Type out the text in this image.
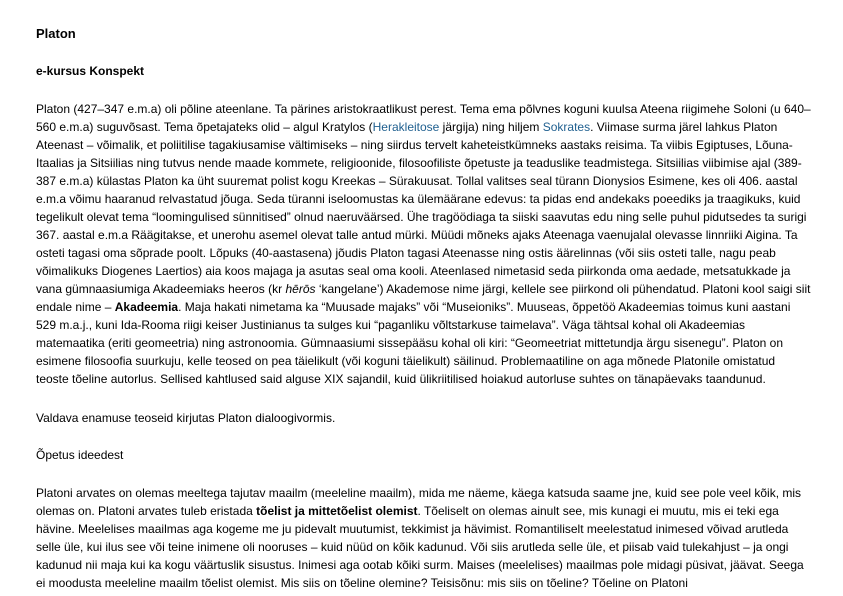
Platon
e-kursus Konspekt

Platon (427–347 e.m.a) oli põline ateenlane. Ta pärines aristokraatlikust perest. Tema ema põlvnes koguni kuulsa Ateena riigimehe Soloni (u 640–560 e.m.a) suguvõsast. Tema õpetajateks olid – algul Kratylos (Herakleitose järgija) ning hiljem Sokrates. Viimase surma järel lahkus Platon Ateenast – võimalik, et poliitilise tagakiusamise vältimiseks – ning siirdus tervelt kaheteistkümneks aastaks reisima. Ta viibis Egiptuses, Lõuna-Itaalias ja Sitsiilias ning tutvus nende maade kommete, religioonide, filosoofiliste õpetuste ja teaduslike teadmistega. Sitsiilias viibimise ajal (389-387 e.m.a) külastas Platon ka üht suuremat polist kogu Kreekas – Sürakuusat. Tollal valitses seal türann Dionysios Esimene, kes oli 406. aastal e.m.a võimu haaranud relvastatud jõuga. Seda türanni iseloomustas ka ülemäärane edevus: ta pidas end andekaks poeediks ja traagikuks, kuid tegelikult olevat tema “loomingulised sünnitised” olnud naeruväärsed. Ühe tragöödiaga ta siiski saavutas edu ning selle puhul pidutsedes ta surigi 367. aastal e.m.a Räägitakse, et unerohu asemel olevat talle antud mürki. Müüdi mõneks ajaks Ateenaga vaenujalal olevasse linnriiki Aigina. Ta osteti tagasi oma sõprade poolt. Lõpuks (40-aastasena) jõudis Platon tagasi Ateenasse ning ostis äärelinnas (või siis osteti talle, nagu peab võimalikuks Diogenes Laertios) aia koos majaga ja asutas seal oma kooli. Ateenlased nimetasid seda piirkonda oma aedade, metsatukkade ja vana gümnaasiumiga Akadeemiaks heeros (kr hērōs ‘kangelane’) Akademose nime järgi, kellele see piirkond oli pühendatud. Platoni kool saigi siit endale nime – Akadeemia. Maja hakati nimetama ka “Muusade majaks” või “Museioniks”. Muuseas, õppetöö Akadeemias toimus kuni aastani 529 m.a.j., kuni Ida-Rooma riigi keiser Justinianus ta sulges kui “paganliku võltstarkuse taimelava”. Väga tähtsal kohal oli Akadeemias matemaatika (eriti geomeetria) ning astronoomia. Gümnaasiumi sissepääsu kohal oli kiri: “Geomeetriat mittetundja ärgu sisenegu”. Platon on esimene filosoofia suurkuju, kelle teosed on pea täielikult (või koguni täielikult) säilinud. Problemaatiline on aga mõnede Platonile omistatud teoste tõeline autorlus. Sellised kahtlused said alguse XIX sajandil, kuid ülikriitilised hoiakud autorluse suhtes on tänapäevaks taandunud.

Valdava enamuse teoseid kirjutas Platon dialoogivormis.

Õpetus ideedest

Platoni arvates on olemas meeltega tajutav maailm (meeleline maailm), mida me näeme, käega katsuda saame jne, kuid see pole veel kõik, mis olemas on. Platoni arvates tuleb eristada tõelist ja mittetõelist olemist. Tõeliselt on olemas ainult see, mis kunagi ei muutu, mis ei teki ega hävine. Meelelises maailmas aga kogeme me ju pidevalt muutumist, tekkimist ja hävimist. Romantiliselt meelestatud inimesed võivad arutleda selle üle, kui ilus see või teine inimene oli nooruses – kuid nüüd on kõik kadunud. Või siis arutleda selle üle, et piisab vaid tulekahjust – ja ongi kadunud nii maja kui ka kogu väärtuslik sisustus. Inimesi aga ootab kõiki surm. Maises (meelelises) maailmas pole midagi püsivat, jäävat. Seega ei moodusta meeleline maailm tõelist olemist. Mis siis on tõeline olemine? Teisisõnu: mis siis on tõeline? Tõeline on Platoni
